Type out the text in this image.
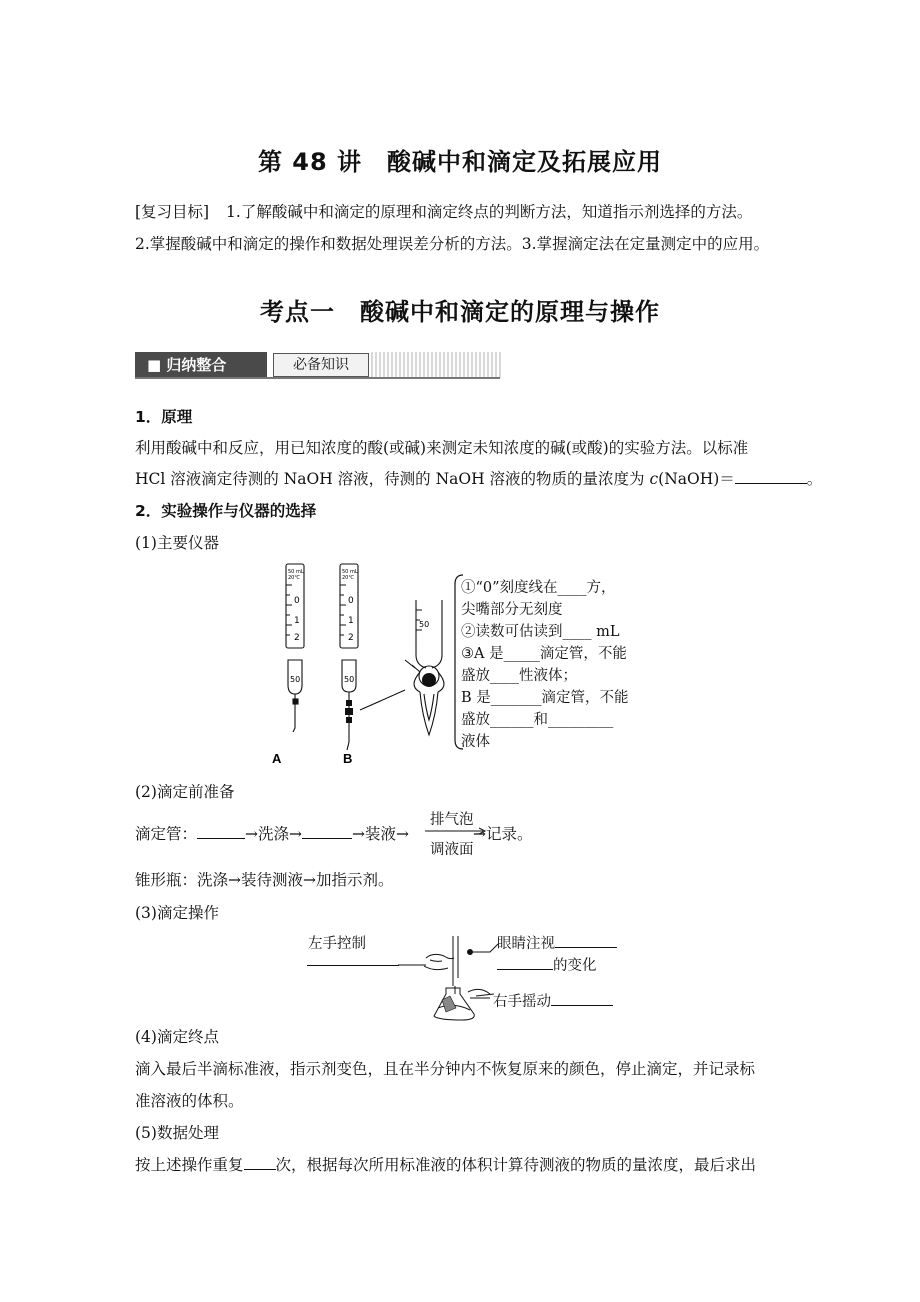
第 48 讲　酸碱中和滴定及拓展应用
[复习目标] 1.了解酸碱中和滴定的原理和滴定终点的判断方法，知道指示剂选择的方法。
2.掌握酸碱中和滴定的操作和数据处理误差分析的方法。3.掌握滴定法在定量测定中的应用。
考点一　酸碱中和滴定的原理与操作
■ 归纳整合	必备知识
1．原理
利用酸碱中和反应，用已知浓度的酸(或碱)来测定未知浓度的碱(或酸)的实验方法。以标准
HCl 溶液滴定待测的 NaOH 溶液，待测的 NaOH 溶液的物质的量浓度为 c(NaOH)＝	。
2．实验操作与仪器的选择
(1)主要仪器
50 mL
20℃
50 mL
20℃
0
1
2
0
1
2
50	50
50
A	B
①“0”刻度线在____方，
尖嘴部分无刻度
②读数可估读到____ mL
③A 是_____滴定管，不能
盛放____性液体；
B 是_______滴定管，不能
盛放______和_________
液体
(2)滴定前准备
滴定管：	→洗涤→	→装液→	→记录。
排气泡
调液面
锥形瓶：洗涤→装待测液→加指示剂。
(3)滴定操作
左手控制	眼睛注视
的变化
右手摇动
(4)滴定终点
滴入最后半滴标准液，指示剂变色，且在半分钟内不恢复原来的颜色，停止滴定，并记录标
准溶液的体积。
(5)数据处理
按上述操作重复 次，根据每次所用标准液的体积计算待测液的物质的量浓度，最后求出
